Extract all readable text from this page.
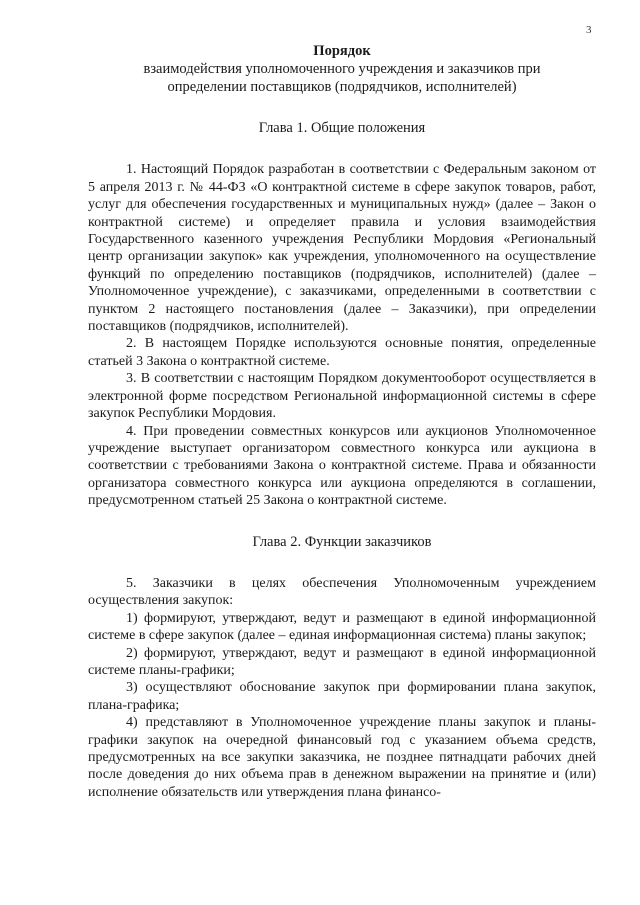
3
Порядок
взаимодействия уполномоченного учреждения и заказчиков при
определении поставщиков (подрядчиков, исполнителей)
Глава 1. Общие положения

1. Настоящий Порядок разработан в соответствии с Федеральным законом от 5 апреля 2013 г. № 44-ФЗ «О контрактной системе в сфере закупок товаров, работ, услуг для обеспечения государственных и муниципальных нужд» (далее – Закон о контрактной системе) и определяет правила и условия взаимодействия Государственного казенного учреждения Республики Мордовия «Региональный центр организации закупок» как учреждения, уполномоченного на осуществление функций по определению поставщиков (подрядчиков, исполнителей) (далее – Уполномоченное учреждение), с заказчиками, определенными в соответствии с пунктом 2 настоящего постановления (далее – Заказчики), при определении поставщиков (подрядчиков, исполнителей).

2. В настоящем Порядке используются основные понятия, определенные статьей 3 Закона о контрактной системе.

3. В соответствии с настоящим Порядком документооборот осуществляется в электронной форме посредством Региональной информационной системы в сфере закупок Республики Мордовия.

4. При проведении совместных конкурсов или аукционов Уполномоченное учреждение выступает организатором совместного конкурса или аукциона в соответствии с требованиями Закона о контрактной системе. Права и обязанности организатора совместного конкурса или аукциона определяются в соглашении, предусмотренном статьей 25 Закона о контрактной системе.

Глава 2. Функции заказчиков

5. Заказчики в целях обеспечения Уполномоченным учреждением осуществления закупок:

1) формируют, утверждают, ведут и размещают в единой информационной системе в сфере закупок (далее – единая информационная система) планы закупок;

2) формируют, утверждают, ведут и размещают в единой информационной системе планы-графики;

3) осуществляют обоснование закупок при формировании плана закупок, плана-графика;

4) представляют в Уполномоченное учреждение планы закупок и планы-графики закупок на очередной финансовый год с указанием объема средств, предусмотренных на все закупки заказчика, не позднее пятнадцати рабочих дней после доведения до них объема прав в денежном выражении на принятие и (или) исполнение обязательств или утверждения плана финансо-
